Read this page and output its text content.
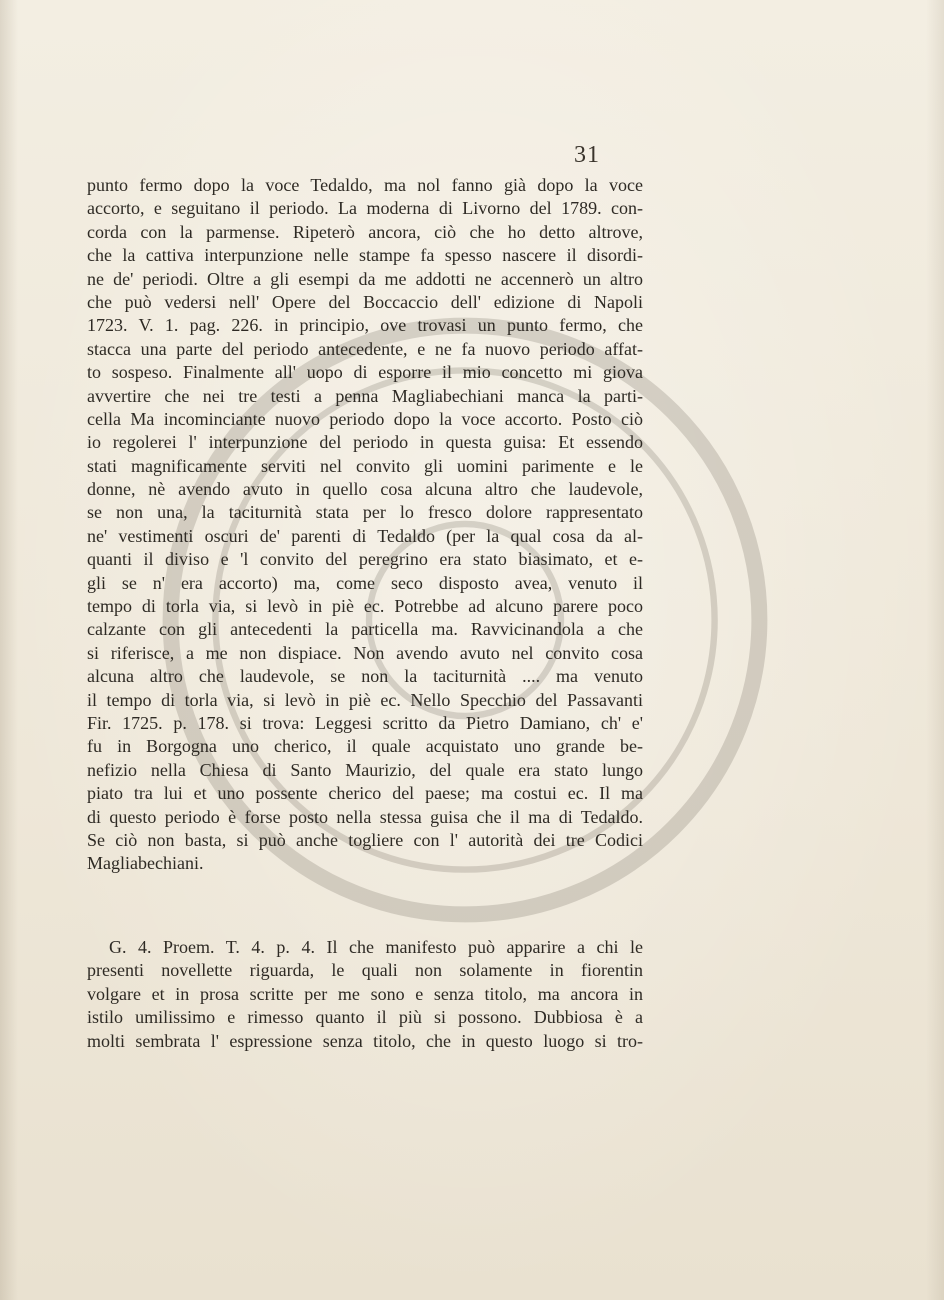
31
punto fermo dopo la voce Tedaldo, ma nol fanno già dopo la voce
accorto, e seguitano il periodo. La moderna di Livorno del 1789. con-
corda con la parmense. Ripeterò ancora, ciò che ho detto altrove,
che la cattiva interpunzione nelle stampe fa spesso nascere il disordi-
ne de' periodi. Oltre a gli esempi da me addotti ne accennerò un altro
che può vedersi nell' Opere del Boccaccio dell' edizione di Napoli
1723. V. 1. pag. 226. in principio, ove trovasi un punto fermo, che
stacca una parte del periodo antecedente, e ne fa nuovo periodo affat-
to sospeso. Finalmente all' uopo di esporre il mio concetto mi giova
avvertire che nei tre testi a penna Magliabechiani manca la parti-
cella Ma incominciante nuovo periodo dopo la voce accorto. Posto ciò
io regolerei l' interpunzione del periodo in questa guisa: Et essendo
stati magnificamente serviti nel convito gli uomini parimente e le
donne, nè avendo avuto in quello cosa alcuna altro che laudevole,
se non una, la taciturnità stata per lo fresco dolore rappresentato
ne' vestimenti oscuri de' parenti di Tedaldo (per la qual cosa da al-
quanti il diviso e 'l convito del peregrino era stato biasimato, et e-
gli se n' era accorto) ma, come seco disposto avea, venuto il
tempo di torla via, si levò in piè ec. Potrebbe ad alcuno parere poco
calzante con gli antecedenti la particella ma. Ravvicinandola a che
si riferisce, a me non dispiace. Non avendo avuto nel convito cosa
alcuna altro che laudevole, se non la taciturnità .... ma venuto
il tempo di torla via, si levò in piè ec. Nello Specchio del Passavanti
Fir. 1725. p. 178. si trova: Leggesi scritto da Pietro Damiano, ch' e'
fu in Borgogna uno cherico, il quale acquistato uno grande be-
nefizio nella Chiesa di Santo Maurizio, del quale era stato lungo
piato tra lui et uno possente cherico del paese; ma costui ec. Il ma
di questo periodo è forse posto nella stessa guisa che il ma di Tedaldo.
Se ciò non basta, si può anche togliere con l' autorità dei tre Codici
Magliabechiani.
G. 4. Proem. T. 4. p. 4. Il che manifesto può apparire a chi le
presenti novellette riguarda, le quali non solamente in fiorentin
volgare et in prosa scritte per me sono e senza titolo, ma ancora in
istilo umilissimo e rimesso quanto il più si possono. Dubbiosa è a
molti sembrata l' espressione senza titolo, che in questo luogo si tro-
